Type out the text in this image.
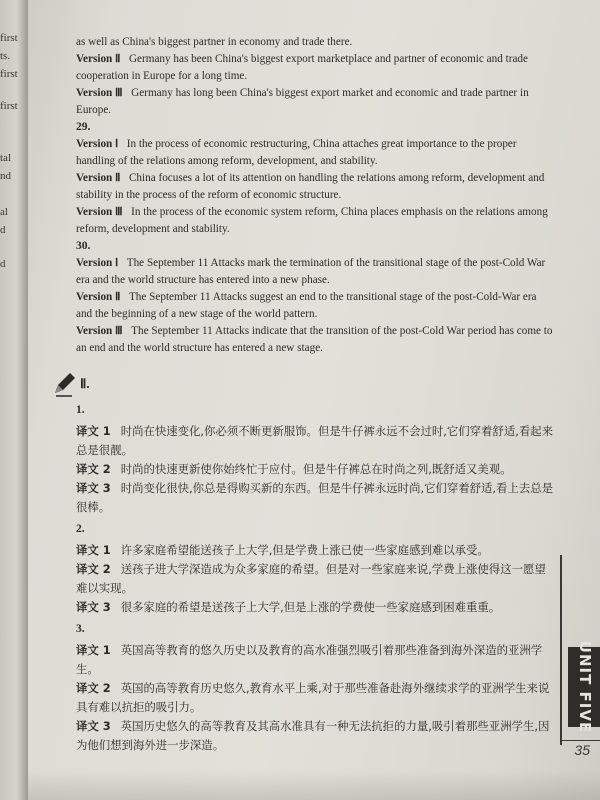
first
ts.
first
first
tal
nd
al
d
d

as well as China's biggest partner in economy and trade there.

Version Ⅱ Germany has been China's biggest export marketplace and partner of economic and trade cooperation in Europe for a long time.

Version Ⅲ Germany has long been China's biggest export market and economic and trade partner in Europe.

29.

Version Ⅰ In the process of economic restructuring, China attaches great importance to the proper handling of the relations among reform, development, and stability.

Version Ⅱ China focuses a lot of its attention on handling the relations among reform, development and stability in the process of the reform of economic structure.

Version Ⅲ In the process of the economic system reform, China places emphasis on the relations among reform, development and stability.

30.

Version Ⅰ The September 11 Attacks mark the termination of the transitional stage of the post-Cold War era and the world structure has entered into a new phase.

Version Ⅱ The September 11 Attacks suggest an end to the transitional stage of the post-Cold-War era and the beginning of a new stage of the world pattern.

Version Ⅲ The September 11 Attacks indicate that the transition of the post-Cold War period has come to an end and the world structure has entered a new stage.

Ⅱ.

1.

译文 1 时尚在快速变化,你必须不断更新服饰。但是牛仔裤永远不会过时,它们穿着舒适,看起来总是很靓。

译文 2 时尚的快速更新使你始终忙于应付。但是牛仔裤总在时尚之列,既舒适又美观。

译文 3 时尚变化很快,你总是得购买新的东西。但是牛仔裤永远时尚,它们穿着舒适,看上去总是很棒。

2.

译文 1 许多家庭希望能送孩子上大学,但是学费上涨已使一些家庭感到难以承受。

译文 2 送孩子进大学深造成为众多家庭的希望。但是对一些家庭来说,学费上涨使得这一愿望难以实现。

译文 3 很多家庭的希望是送孩子上大学,但是上涨的学费使一些家庭感到困难重重。

3.

译文 1 英国高等教育的悠久历史以及教育的高水准强烈吸引着那些准备到海外深造的亚洲学生。

译文 2 英国的高等教育历史悠久,教育水平上乘,对于那些准备赴海外继续求学的亚洲学生来说具有难以抗拒的吸引力。

译文 3 英国历史悠久的高等教育及其高水准具有一种无法抗拒的力量,吸引着那些亚洲学生,因为他们想到海外进一步深造。

UNIT FIVE
35
